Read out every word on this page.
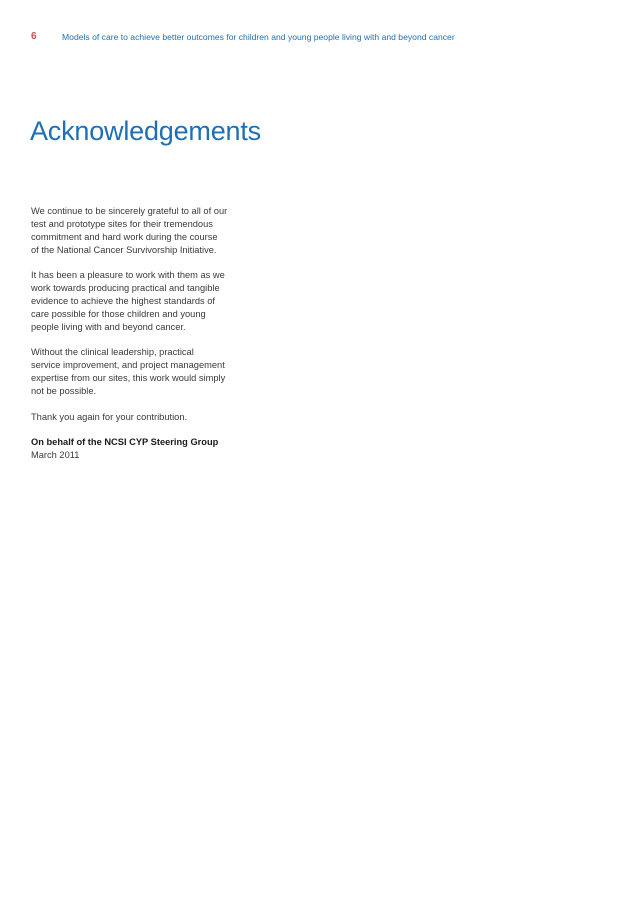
6	Models of care to achieve better outcomes for children and young people living with and beyond cancer
Acknowledgements

We continue to be sincerely grateful to all of our
test and prototype sites for their tremendous
commitment and hard work during the course
of the National Cancer Survivorship Initiative.

It has been a pleasure to work with them as we
work towards producing practical and tangible
evidence to achieve the highest standards of
care possible for those children and young
people living with and beyond cancer.

Without the clinical leadership, practical
service improvement, and project management
expertise from our sites, this work would simply
not be possible.

Thank you again for your contribution.

On behalf of the NCSI CYP Steering Group
March 2011
